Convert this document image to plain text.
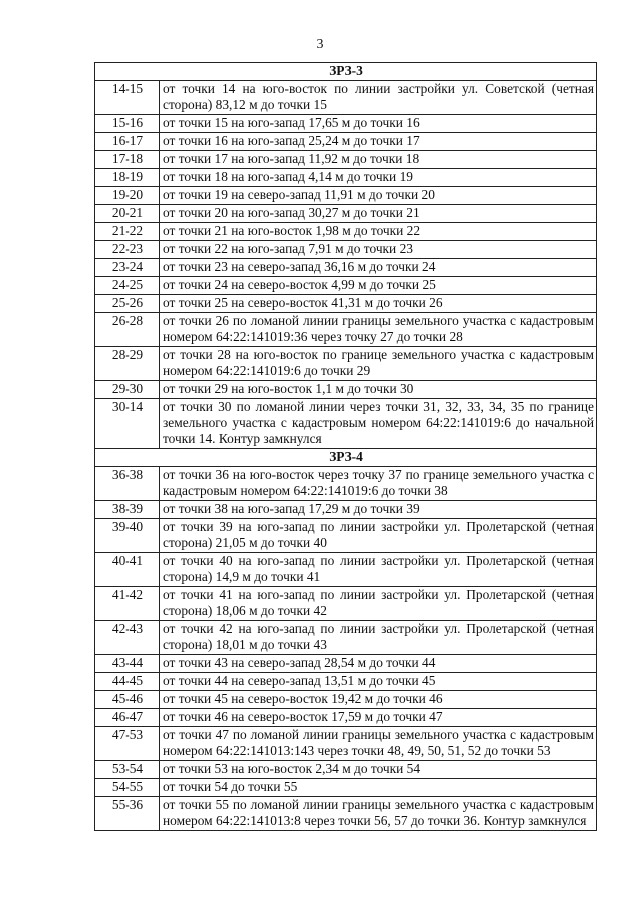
3
ЗРЗ-3	
14-15	от точки 14 на юго-восток по линии застройки ул. Советской (четная сторона) 83,12 м до точки 15
15-16	от точки 15 на юго-запад 17,65 м до точки 16
16-17	от точки 16 на юго-запад 25,24 м до точки 17
17-18	от точки 17 на юго-запад 11,92 м до точки 18
18-19	от точки 18 на юго-запад 4,14 м до точки 19
19-20	от точки 19 на северо-запад 11,91 м до точки 20
20-21	от точки 20 на юго-запад 30,27 м до точки 21
21-22	от точки 21 на юго-восток 1,98 м до точки 22
22-23	от точки 22 на юго-запад 7,91 м до точки 23
23-24	от точки 23 на северо-запад 36,16 м до точки 24
24-25	от точки 24 на северо-восток 4,99 м до точки 25
25-26	от точки 25 на северо-восток 41,31 м до точки 26
26-28	от точки 26 по ломаной линии границы земельного участка с кадастровым номером 64:22:141019:36 через точку 27 до точки 28
28-29	от точки 28 на юго-восток по границе земельного участка с кадастровым номером 64:22:141019:6 до точки 29
29-30	от точки 29 на юго-восток 1,1 м до точки 30
30-14	от точки 30 по ломаной линии через точки 31, 32, 33, 34, 35 по границе земельного участка с кадастровым номером 64:22:141019:6 до начальной точки 14. Контур замкнулся
ЗРЗ-4	
36-38	от точки 36 на юго-восток через точку 37 по границе земельного участка с кадастровым номером 64:22:141019:6 до точки 38
38-39	от точки 38 на юго-запад 17,29 м до точки 39
39-40	от точки 39 на юго-запад по линии застройки ул. Пролетарской (четная сторона) 21,05 м до точки 40
40-41	от точки 40 на юго-запад по линии застройки ул. Пролетарской (четная сторона) 14,9 м до точки 41
41-42	от точки 41 на юго-запад по линии застройки ул. Пролетарской (четная сторона) 18,06 м до точки 42
42-43	от точки 42 на юго-запад по линии застройки ул. Пролетарской (четная сторона) 18,01 м до точки 43
43-44	от точки 43 на северо-запад 28,54 м до точки 44
44-45	от точки 44 на северо-запад 13,51 м до точки 45
45-46	от точки 45 на северо-восток 19,42 м до точки 46
46-47	от точки 46 на северо-восток 17,59 м до точки 47
47-53	от точки 47 по ломаной линии границы земельного участка с кадастровым номером 64:22:141013:143 через точки 48, 49, 50, 51, 52 до точки 53
53-54	от точки 53 на юго-восток 2,34 м до точки 54
54-55	от точки 54 до точки 55
55-36	от точки 55 по ломаной линии границы земельного участка с кадастровым номером 64:22:141013:8 через точки 56, 57 до точки 36. Контур замкнулся
